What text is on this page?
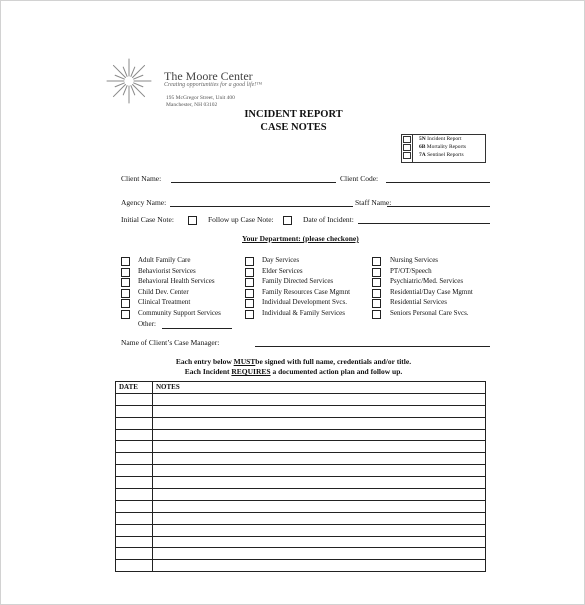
The Moore Center
Creating opportunities for a good life!™
195 McGregor Street, Unit 400
Manchester, NH 03102
INCIDENT REPORT
CASE NOTES
5N Incident Report
6B Mortality Reports
7A Sentinel Reports
Client Name:	Client Code:
Agency Name:	Staff Name:
Initial Case Note:	Follow up Case Note:	Date of Incident:
Your Department: (please checkone)
Adult Family Care
Behaviorist Services
Behavioral Health Services
Child Dev. Center
Clinical Treatment
Community Support Services
Other:
Day Services
Elder Services
Family Directed Services
Family Resources Case Mgmnt
Individual Development Svcs.
Individual & Family Services
Nursing Services
PT/OT/Speech
Psychiatric/Med. Services
Residential/Day Case Mgmnt
Residential Services
Seniors Personal Care Svcs.
Name of Client’s Case Manager:
Each entry below MUSTbe signed with full name, credentials and/or title.
Each Incident REQUIRES a documented action plan and follow up.
DATE	NOTES
